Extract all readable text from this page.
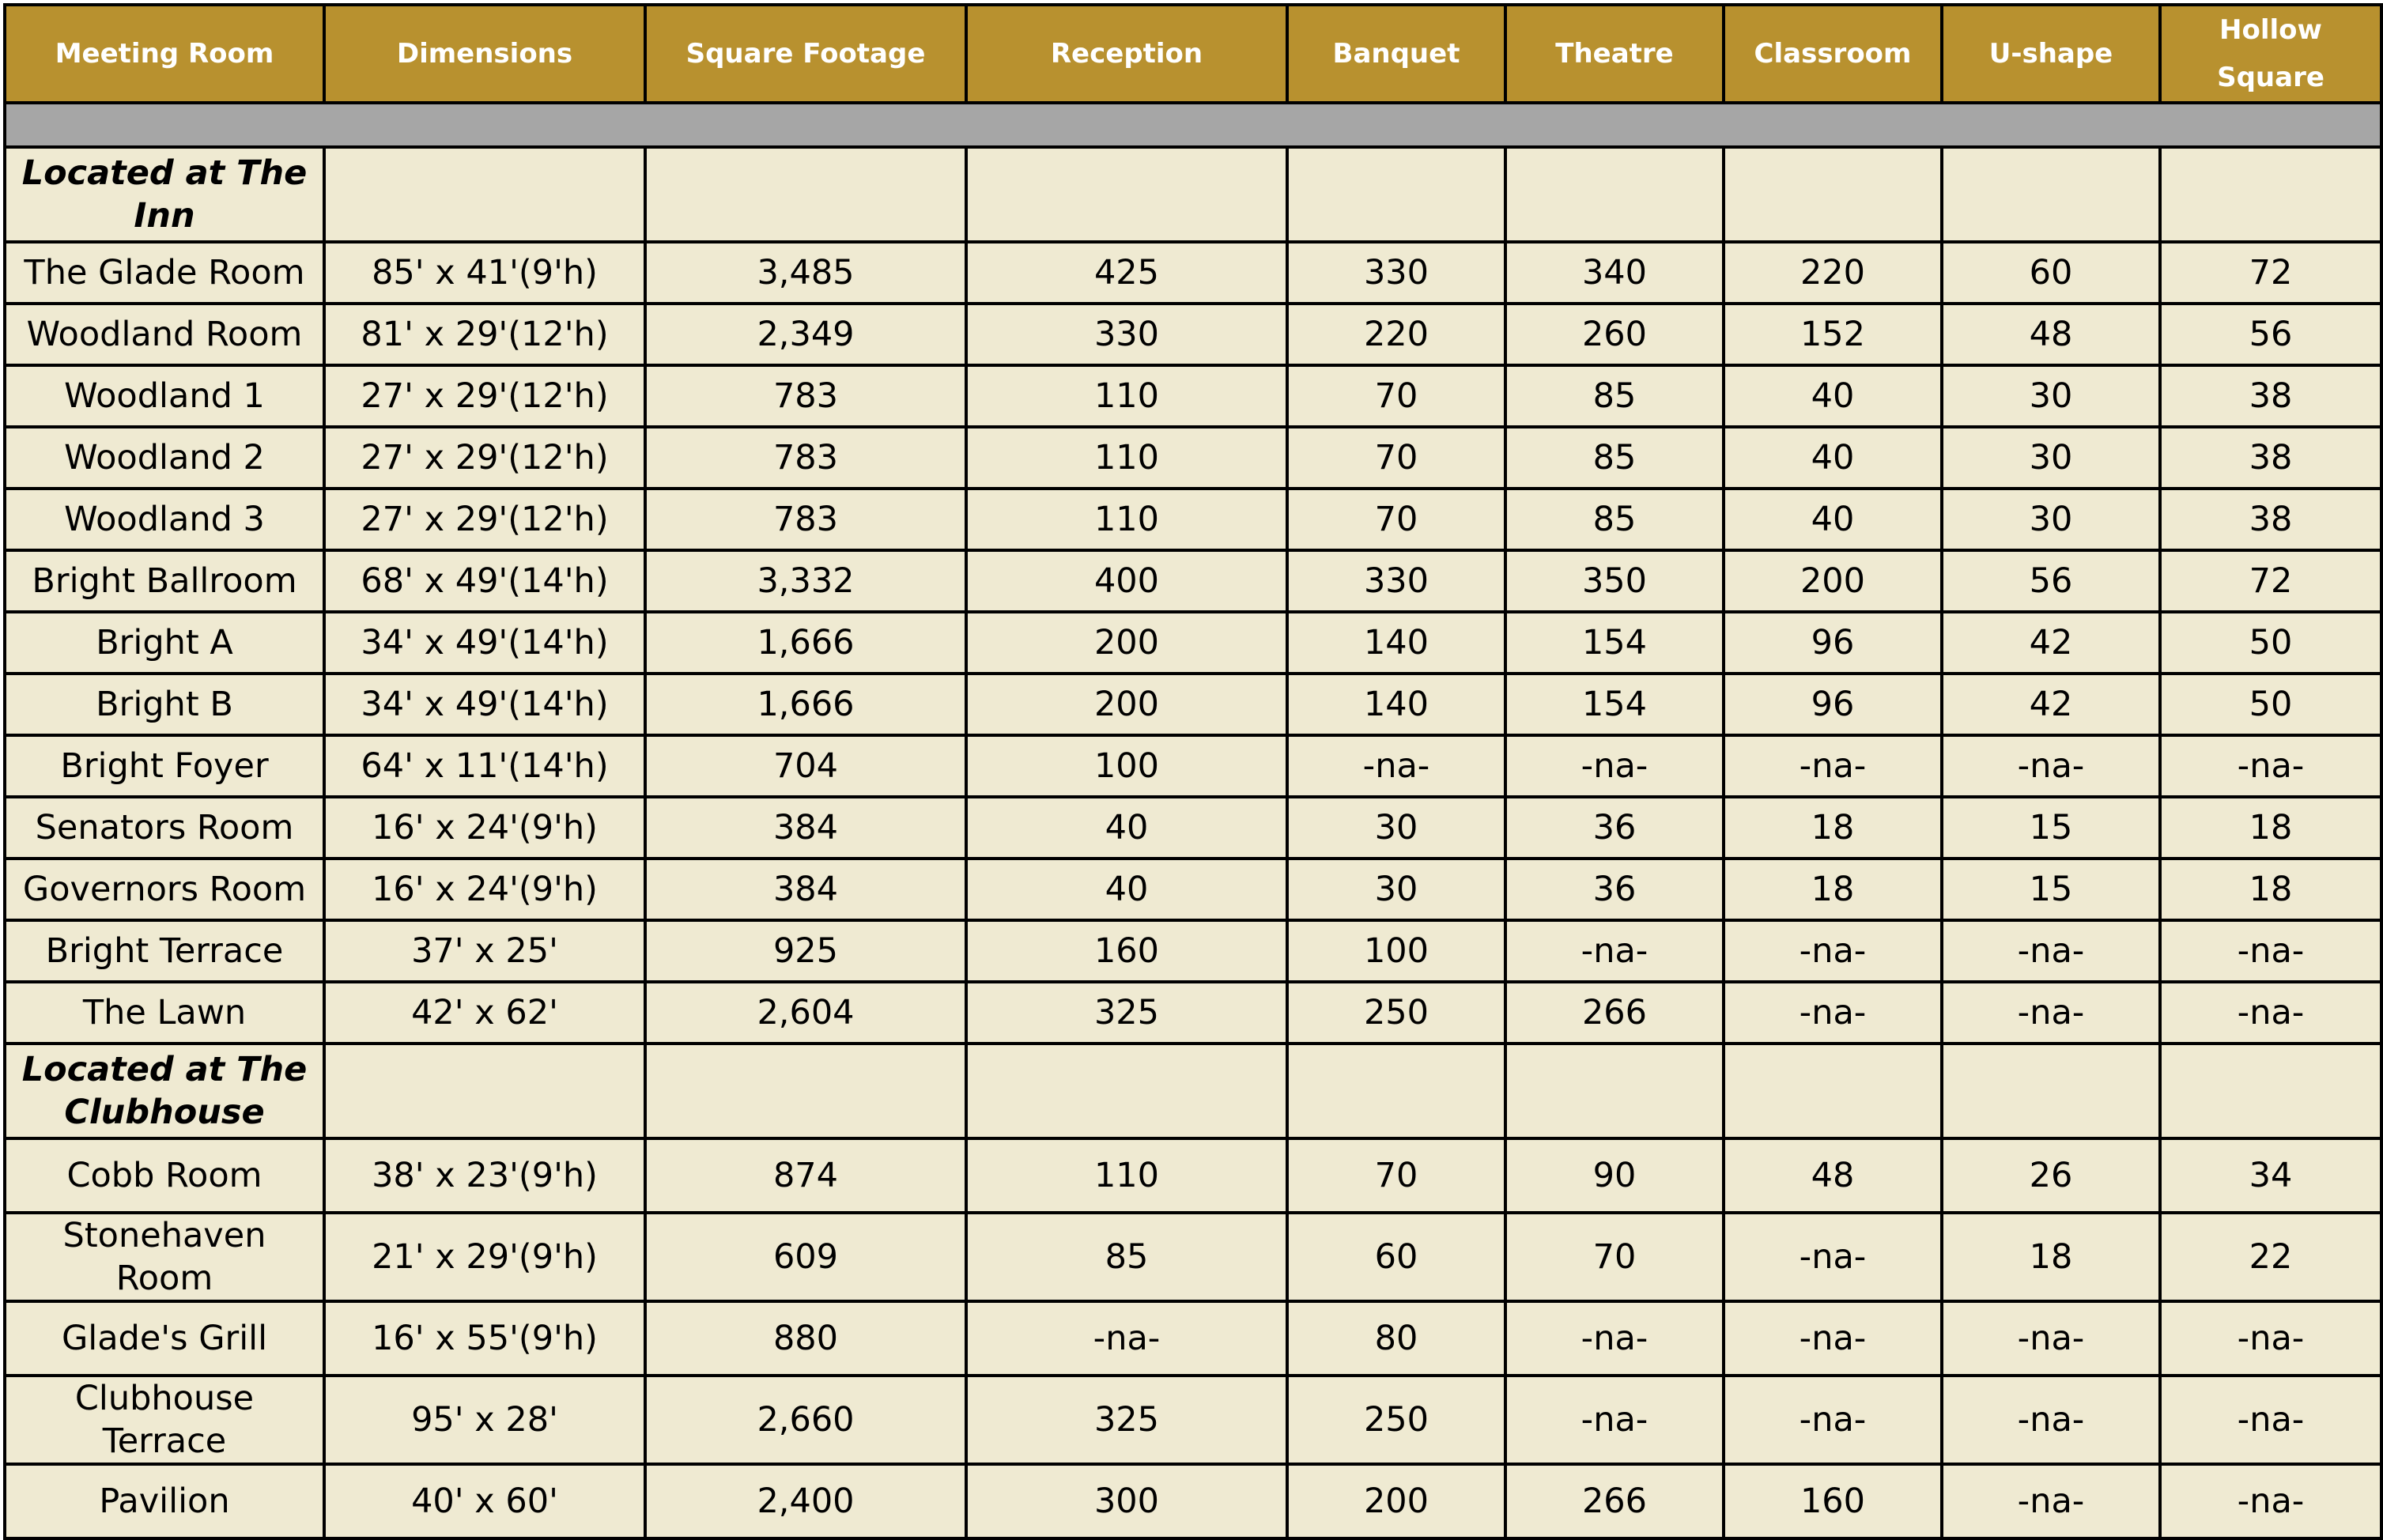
Meeting Room	Dimensions	Square Footage	Reception	Banquet	Theatre	Classroom	U-shape	Hollow Square

Located at The Inn								
The Glade Room	85' x 41'(9'h)	3,485	425	330	340	220	60	72
Woodland Room	81' x 29'(12'h)	2,349	330	220	260	152	48	56
Woodland 1	27' x 29'(12'h)	783	110	70	85	40	30	38
Woodland 2	27' x 29'(12'h)	783	110	70	85	40	30	38
Woodland 3	27' x 29'(12'h)	783	110	70	85	40	30	38
Bright Ballroom	68' x 49'(14'h)	3,332	400	330	350	200	56	72
Bright A	34' x 49'(14'h)	1,666	200	140	154	96	42	50
Bright B	34' x 49'(14'h)	1,666	200	140	154	96	42	50
Bright Foyer	64' x 11'(14'h)	704	100	-na-	-na-	-na-	-na-	-na-
Senators Room	16' x 24'(9'h)	384	40	30	36	18	15	18
Governors Room	16' x 24'(9'h)	384	40	30	36	18	15	18
Bright Terrace	37' x 25'	925	160	100	-na-	-na-	-na-	-na-
The Lawn	42' x 62'	2,604	325	250	266	-na-	-na-	-na-
Located at The Clubhouse								
Cobb Room	38' x 23'(9'h)	874	110	70	90	48	26	34
Stonehaven Room	21' x 29'(9'h)	609	85	60	70	-na-	18	22
Glade's Grill	16' x 55'(9'h)	880	-na-	80	-na-	-na-	-na-	-na-
Clubhouse Terrace	95' x 28'	2,660	325	250	-na-	-na-	-na-	-na-
Pavilion	40' x 60'	2,400	300	200	266	160	-na-	-na-
